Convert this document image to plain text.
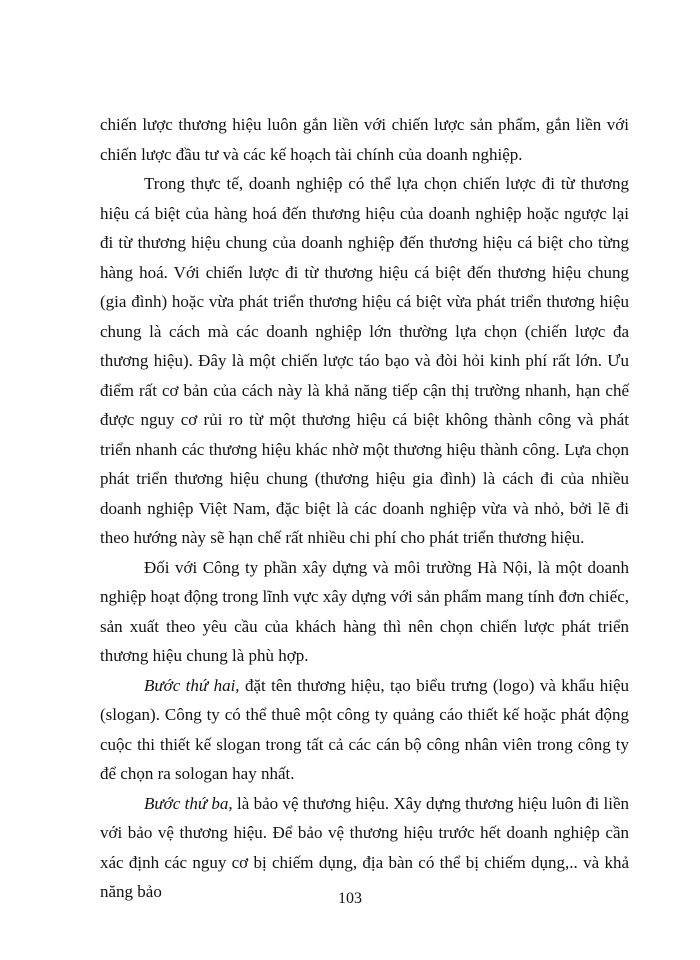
chiến lược thương hiệu luôn gắn liền với chiến lược sản phẩm, gắn liền với chiến lược đầu tư và các kế hoạch tài chính của doanh nghiệp.

Trong thực tế, doanh nghiệp có thể lựa chọn chiến lược đi từ thương hiệu cá biệt của hàng hoá đến thương hiệu của doanh nghiệp hoặc ngược lại đi từ thương hiệu chung của doanh nghiệp đến thương hiệu cá biệt cho từng hàng hoá. Với chiến lược đi từ thương hiệu cá biệt đến thương hiệu chung (gia đình) hoặc vừa phát triển thương hiệu cá biệt vừa phát triển thương hiệu chung là cách mà các doanh nghiệp lớn thường lựa chọn (chiến lược đa thương hiệu). Đây là một chiến lược táo bạo và đòi hỏi kinh phí rất lớn. Ưu điểm rất cơ bản của cách này là khả năng tiếp cận thị trường nhanh, hạn chế được nguy cơ rủi ro từ một thương hiệu cá biệt không thành công và phát triển nhanh các thương hiệu khác nhờ một thương hiệu thành công. Lựa chọn phát triển thương hiệu chung (thương hiệu gia đình) là cách đi của nhiều doanh nghiệp Việt Nam, đặc biệt là các doanh nghiệp vừa và nhỏ, bởi lẽ đi theo hướng này sẽ hạn chế rất nhiều chi phí cho phát triển thương hiệu.

Đối với Công ty phần xây dựng và môi trường Hà Nội, là một doanh nghiệp hoạt động trong lĩnh vực xây dựng với sản phẩm mang tính đơn chiếc, sản xuất theo yêu cầu của khách hàng thì nên chọn chiến lược phát triển thương hiệu chung là phù hợp.

Bước thứ hai, đặt tên thương hiệu, tạo biểu trưng (logo) và khẩu hiệu (slogan). Công ty có thể thuê một công ty quảng cáo thiết kế hoặc phát động cuộc thi thiết kế slogan trong tất cả các cán bộ công nhân viên trong công ty để chọn ra sologan hay nhất.

Bước thứ ba, là bảo vệ thương hiệu. Xây dựng thương hiệu luôn đi liền với bảo vệ thương hiệu. Để bảo vệ thương hiệu trước hết doanh nghiệp cần xác định các nguy cơ bị chiếm dụng, địa bàn có thể bị chiếm dụng,.. và khả năng bảo	103
